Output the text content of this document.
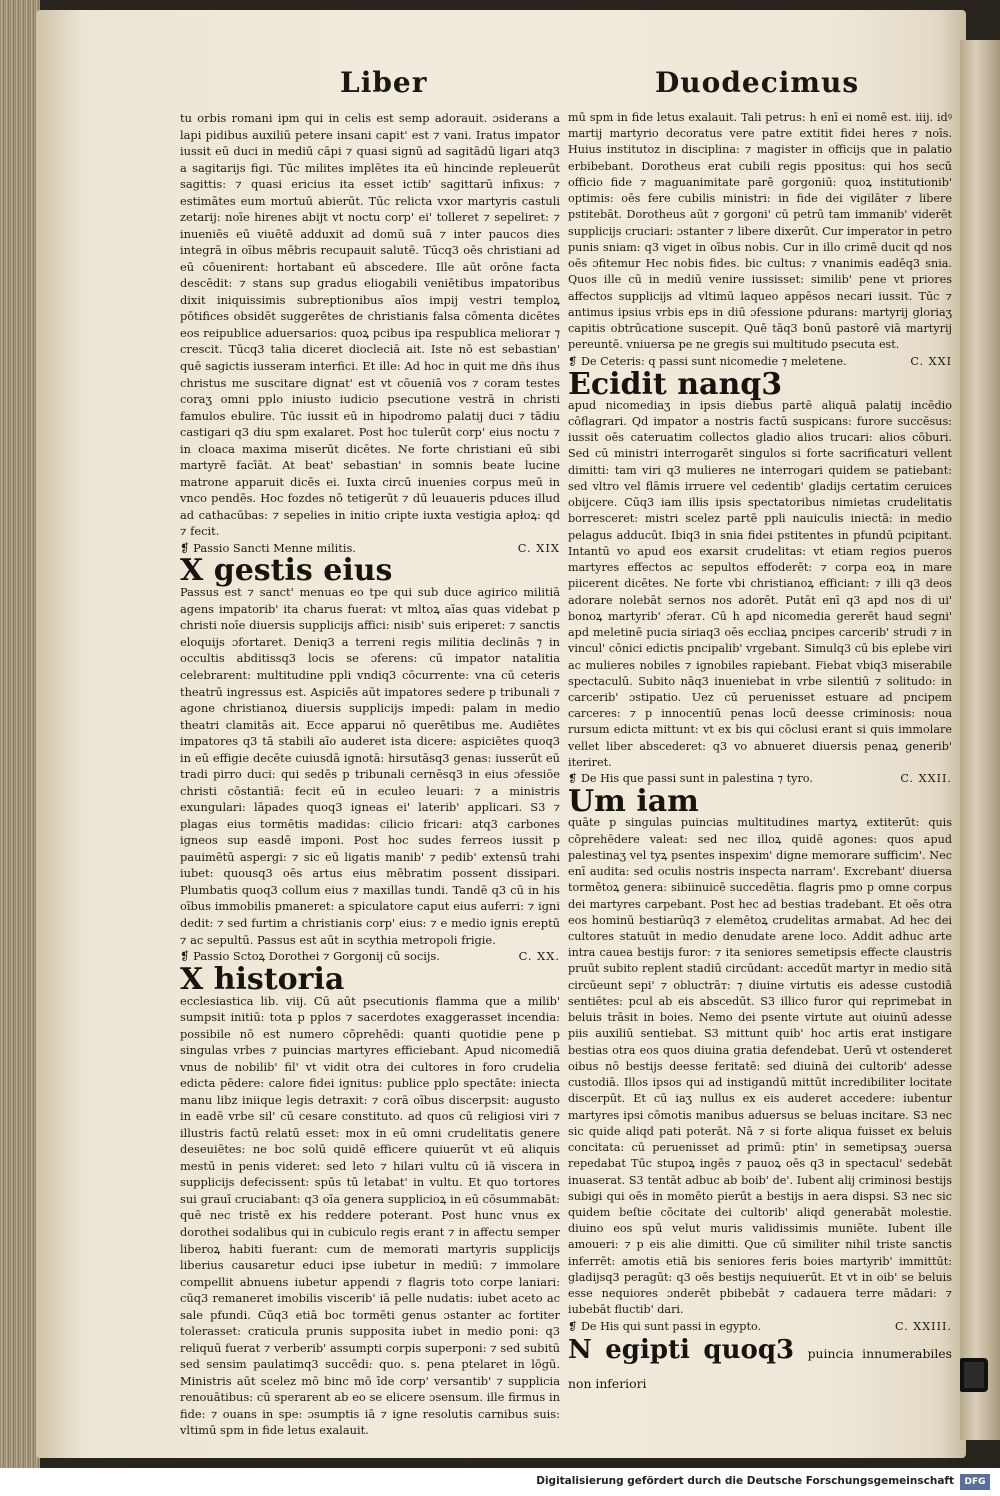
Liber	Duodecimus

tu orbis romani ipm qui in celis est semp adorauit. ɔsiderans a lapi pidibus auxiliū petere insani capit' est ⁊ vani. Iratus impator iussit eū duci in mediū cāpi ⁊ quasi signū ad sagitādū ligari atq3 a sagitarijs figi. Tūc milites implētes ita eū hincinde repleuerūt sagittis: ⁊ quasi ericius ita esset ictib' sagittarū infixus: ⁊ estimātes eum mortuū abierūt. Tūc relicta vxor martyris castuli zetarij: noīe hirenes abijt vt noctu corp' ei' tolleret ⁊ sepeliret: ⁊ inueniēs eū viuētē adduxit ad domū suā ⁊ inter paucos dies integrā in oībus mēbris recupauit salutē. Tūcq3 oēs christiani ad eū cōuenirent: hortabant eū abscedere. Ille aūt orōne facta descēdit: ⁊ stans sup gradus eliogabili veniētibus impatoribus dixit iniquissimis subreptionibus aīos impij vestri temploꝝ pōtifices obsidēt suggerētes de christianis falsa cōmenta dicētes eos reipublice aduersarios: quoꝝ pcibus ipa respublica melioraт ⁊ crescit. Tūcq3 talia diceret diocleciā ait. Iste nō est sebastian' quē sagictis iusseram interfici. Et ille: Ad hoc in quit me dñs ihus christus me suscitare dignat' est vt cōueniā vos ⁊ coram testes coraʒ omni pplo iniusto iudicio psecutione vestrā in christi famulos ebulire. Tūc iussit eū in hipodromo palatij duci ⁊ tādiu castigari q3 diu spm exalaret. Post hoc tulerūt corp' eius noctu ⁊ in cloaca maxima miserūt dicētes. Ne forte christiani eū sibi martyrē facīāt. At beat' sebastian' in somnis beate lucine matrone apparuit dicēs ei. Iuxta circū inuenies corpus meū in vnco pendēs. Hoc fozdes nō tetigerūt ⁊ dū leuaueris pduces illud ad cathacūbas: ⁊ sepelies in initio cripte iuxta vestigia apłoꝝ: qd ⁊ fecit.

❡ Passio Sancti Menne militis.	C. XIX
X gestis eius

Passus est ⁊ sanct' menuas eo tpe qui sub duce agirico militiā agens impatorib' ita charus fuerat: vt mltoꝝ aīas quas videbat p christi noīe diuersis supplicijs affici: nisib' suis eriperet: ⁊ sanctis eloquijs ɔfortaret. Deniq3 a terreni regis militia declināѕ ⁊ in occultis abditissq3 locis se ɔferens: cū impator natalitia celebrarent: multitudine ppli vndiq3 cōcurrente: vna cū ceteris theatrū ingressus est. Aspiciēs aūt impatores sedere p tribunali ⁊ agone christianoꝝ diuersis supplicijs impedi: palam in medio theatri clamitās ait. Ecce apparui nō querētibus me. Audiētes impatores q3 tā stabili aīo auderet ista dicere: aspiciētes quoq3 in eū effigie decēte cuiusdā ignotā: hirsutāsq3 genas: iusserūt eū tradi pirro duci: qui sedēs p tribunali cernēsq3 in eius ɔfessiōe christi cōstantiā: fecit eū in eculeo leuari: ⁊ a ministris exungulari: lāpades quoq3 igneas ei' laterib' applicari. S3 ⁊ plagas eius tormētis madidas: cilicio fricari: atq3 carbones igneos sup easdē imponi. Post hoc sudes ferreos iussit p pauimētū aspergi: ⁊ sic eū ligatis manib' ⁊ pedib' extensū trahi iubet: quousq3 oēs artus eius mēbratim possent dissipari. Plumbatis quoq3 collum eius ⁊ maxillas tundi. Tandē q3 cū in his oībus immobilis pmaneret: a spiculatore caput eius auferri: ⁊ igni dedit: ⁊ sed furtim a christianis corp' eius: ⁊ e medio ignis ereptū ⁊ ac sepultū. Passus est aūt in scythia metropoli frigie.

❡ Passio Sctoꝝ Dorothei ⁊ Gorgonij cū socijs.	C. XX.
X historia

ecclesiastica lib. viij. Cū aūt psecutionis flamma que a milib' sumpsit initiū: tota p pplos ⁊ sacerdotes exaggerasset incendia: possibile nō est numero cōprehēdi: quanti quotidie pene p singulas vrbes ⁊ puincias martyres efficiebant. Apud nicomediā vnus de nobilib' fil' vt vidit otra dei cultores in foro crudelia edicta pēdere: calore fidei ignitus: publice pplo spectāte: iniecta manu libz iniique legis detraxit: ⁊ corā oībus discerpsit: augusto in eadē vrbe sil' cū cesare constituto. ad quos cū religiosi viri ⁊ illustris factū relatū esset: mox in eū omni crudelitatis genere deseuiētes: ne boc solū quidē efficere quiuerūt vt eū aliquis mestū in penis videret: sed leto ⁊ hilari vultu cū iā viscera in supplicijs defecissent: spūs tū letabat' in vultu. Et quo tortores sui grauī cruciabant: q3 oīa genera supplicioꝝ in eū cōsummabāt: quē nec tristē ex his reddere poterant. Post hunc vnus ex dorothei sodalibus qui in cubiculo regis erant ⁊ in affectu semper liberoꝝ habiti fuerant: cum de memorati martyris supplicijs liberius causaretur educi ipse iubetur in mediū: ⁊ immolare compellit abnuens iubetur appendi ⁊ flagris toto corpe laniari: cūq3 remaneret imobilis viscerib' iā pelle nudatis: iubet aceto ac sale pfundi. Cūq3 etiā boc tormēti genus ɔstanter ac fortiter tolerasset: craticula prunis supposita iubet in medio poni: q3 reliquū fuerat ⁊ verberib' assumpti corpis superponi: ⁊ sed subitū sed sensim paulatimq3 succēdi: quo. s. pena ptelaret in lōgū. Ministris aūt scelez mō binc mō īde corp' versantib' ⁊ supplicia renouātibus: cū sperarent ab eo se elicere ɔsensum. ille firmus in fide: ⁊ ouans in spe: ɔsumptis iā ⁊ igne resolutis carnibus suis: vltimū spm in fide letus exalauit.

mū spm in fide letus exalauit. Tali petrus: h enī ei nomē est. iiij. idꝰ martij martyrio decoratus vere patre extitit fidei heres ⁊ noīs. Huius institutoz in disciplina: ⁊ magister in officijs que in palatio erbibebant. Dorotheus erat cubili regis ppositus: qui hos secū officio fide ⁊ maguanimitate parē gorgoniū: quoꝝ institutionib' optimis: oēs fere cubilis ministri: in fide dei vigilāter ⁊ libere pstitebāt. Dorotheus aūt ⁊ gorgoni' cū petrū tam immanib' viderēt supplicijs cruciari: ɔstanter ⁊ libere dixerūt. Cur imperator in petro punis sniam: q3 viget in oībus nobis. Cur in illo crimē ducit qd nos oēs ɔfitemur Hec nobis fides. bic cultus: ⁊ vnanimis eadēq3 snia. Quos ille cū in mediū venire iussisset: similib' pene vt priores affectos supplicijs ad vltimū laqueo appēsos necari iussit. Tūc ⁊ antimus ipsius vrbis eps in diū ɔfessione pdurans: martyrij gloriaʒ capitis obtrūcatione suscepit. Quē tāq3 bonū pastorē viā martyrij pereuntē. vniuersa pe ne gregis sui multitudo psecuta est.

❡ De Ceteris: q passi sunt nicomedie ⁊ meletene.	C. XXI
Ecidit nanq3

apud nicomediaʒ in ipsis diebus partē aliquā palatij incēdio cōflagrari. Qd impator a nostris factū suspicans: furore succēsus: iussit oēs cateruatim collectos gladio alios trucari: alios cōburi. Sed cū ministri interrogarēt singulos si forte sacrificaturi vellent dimitti: tam viri q3 mulieres ne interrogari quidem se patiebant: sed vltro vel flāmis irruere vel cedentib' gladijs certatim ceruices obijcere. Cūq3 iam illis ipsis spectatoribus nimietas crudelitatis borresceret: mistri scelez partē ppli nauiculis iniectā: in medio pelagus adducūt. Ibiq3 in snia fidei pstitentes in pfundū pcipitant. Intantū vo apud eos exarsit crudelitas: vt etiam regios pueros martyres effectos ac sepultos effoderēt: ⁊ corpa eoꝝ in mare piicerent dicētes. Ne forte vbi christianoꝝ efficiant: ⁊ illi q3 deos adorare nolebāt sernos nos adorēt. Putāt enī q3 apd nos di ui' bonoꝝ martyrib' ɔferaт. Cū h apd nicomedia gererēt haud segni' apd meletinē pucia siriaq3 oēs eccliaꝝ pncipes carcerib' strudi ⁊ in vincul' cōnici edictis pncipalib' vrgebant. Simulq3 cū bis eplebe viri ac mulieres nobiles ⁊ ignobiles rapiebant. Fiebat vbiq3 miserabile spectaculū. Subito nāq3 inueniebat in vrbe silentiū ⁊ solitudo: in carcerib' ɔstipatio. Uez cū peruenisset estuare ad pncipem carceres: ⁊ p innocentiū penas locū deesse criminosis: noua rursum edicta mittunt: vt ex bis qui cōclusi erant si quis immolare vellet liber abscederet: q3 vo abnueret diuersis penaꝝ generib' iteriret.

❡ De His que passi sunt in palestina ⁊ tyro.	C. XXII.
Um iam

quāte p singulas puincias multitudines martyꝝ extiterūt: quis cōprehēdere valeat: sed nec illoꝝ quidē agones: quos apud palestinaʒ vel tyꝝ psentes inspexim' digne memorare sufficim'. Nec enī audita: sed oculis nostris inspecta narram'. Excrebant' diuersa tormētoꝝ genera: sibiinuicē succedētia. flagris pmo p omne corpus dei martyres carpebant. Post hec ad bestias tradebant. Et oēs otra eos hominū bestiarūq3 ⁊ elemētoꝝ crudelitas armabat. Ad hec dei cultores statuūt in medio denudate arene loco. Addit adhuc arte intra cauea bestijs furor: ⁊ ita seniores semetipsis effecte claustris pruūt subito replent stadiū circūdant: accedūt martyr in medio sitā circūeunt sepi' ⁊ obluctrāт: ⁊ diuine virtutis eis adesse custodiā sentiētes: pcul ab eis abscedūt. S3 illico furor qui reprimebat in beluis trāsit in boies. Nemo dei psente virtute aut oiuinū adesse piis auxiliū sentiebat. S3 mittunt quib' hoc artis erat instigare bestias otra eos quos diuina gratia defendebat. Uerū vt ostenderet oibus nō bestijs deesse feritatē: sed diuinā dei cultorib' adesse custodiā. Illos ipsos qui ad instigandū mittūt incredibiliter locitate discerpūt. Et cū iaʒ nullus ex eis auderet accedere: iubentur martyres ipsi cōmotis manibus aduersus se beluas incitare. S3 nec sic quide aliqd pati poterāt. Nā ⁊ si forte aliqua fuisset ex beluis concitata: cū peruenisset ad primū: ptin' in semetipsaʒ ɔuersa repedabat Tūc stupoꝝ ingēs ⁊ pauoꝝ oēs q3 in spectacul' sedebāt inuaserat. S3 tentāt adbuc ab boib' de'. Iubent alij criminosi bestijs subigi qui oēs in momēto pierūt a bestijs in aera dispsi. S3 nec sic quidem beſtie cōcitate dei cultorib' aliqd generabāt molestie. diuino eos spū velut muris validissimis muniēte. Iubent ille amoueri: ⁊ p eis alie dimitti. Que cū similiter nihil triste sanctis inferrēt: amotis etiā bis seniores feris boies martyrib' immittūt: gladijsq3 peragūt: q3 oēs bestijs nequiuerūt. Et vt in oib' se beluis esse nequiores ɔnderēt pbibebāt ⁊ cadauera terre mādari: ⁊ iubebāt fluctib' dari.

❡ De His qui sunt passi in egypto.	C. XXIII.
N egipti quoq3 puincia innumerabiles non inferiori
Digitalisierung gefördert durch die Deutsche Forschungsgemeinschaft	DFG
